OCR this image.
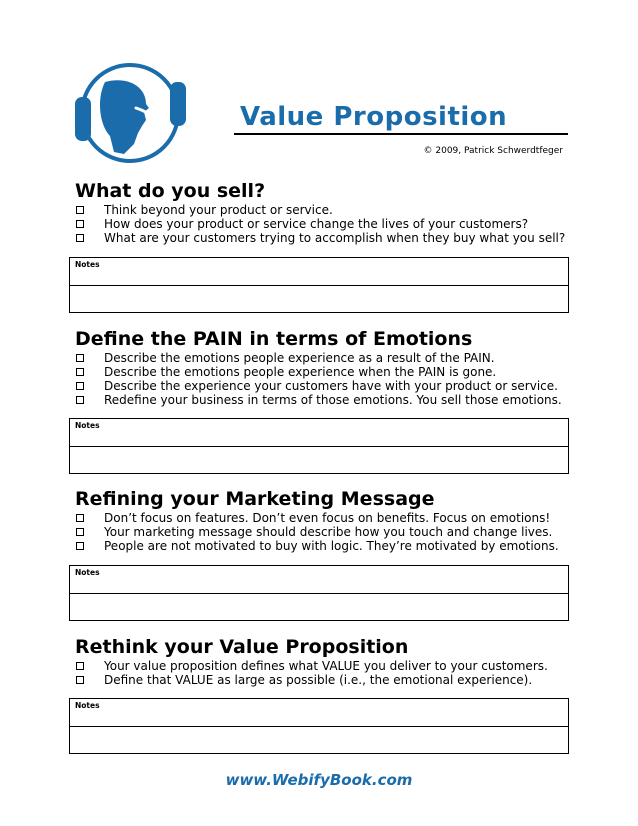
Value Proposition
© 2009, Patrick Schwerdtfeger
What do you sell?
Think beyond your product or service.
How does your product or service change the lives of your customers?
What are your customers trying to accomplish when they buy what you sell?
Notes
Define the PAIN in terms of Emotions
Describe the emotions people experience as a result of the PAIN.
Describe the emotions people experience when the PAIN is gone.
Describe the experience your customers have with your product or service.
Redefine your business in terms of those emotions. You sell those emotions.
Notes
Refining your Marketing Message
Don’t focus on features. Don’t even focus on benefits. Focus on emotions!
Your marketing message should describe how you touch and change lives.
People are not motivated to buy with logic. They’re motivated by emotions.
Notes
Rethink your Value Proposition
Your value proposition defines what VALUE you deliver to your customers.
Define that VALUE as large as possible (i.e., the emotional experience).
Notes
www.WebifyBook.com
